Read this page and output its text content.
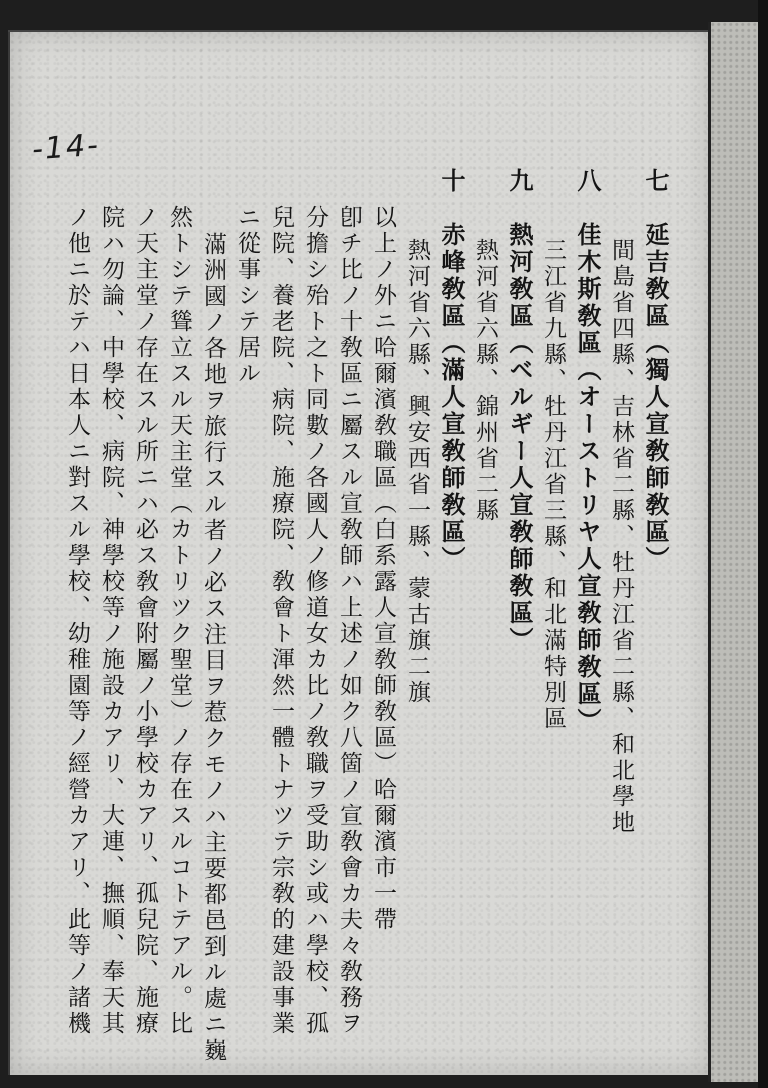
-14-
七　延吉敎區（獨人宣敎師敎區）
間島省四縣、吉林省二縣、牡丹江省二縣、和北學地
八　佳木斯敎區（オーストリヤ人宣敎師敎區）
三江省九縣、牡丹江省三縣、和北滿特別區
九　熱河敎區（ベルギー人宣敎師敎區）
熱河省六縣、錦州省二縣
十　赤峰敎區（滿人宣敎師敎區）
熱河省六縣、興安西省一縣、蒙古旗二旗
以上ノ外ニ哈爾濱敎職區（白系露人宣敎師敎區）哈爾濱市一帶
卽チ比ノ十敎區ニ屬スル宣敎師ハ上述ノ如ク八箇ノ宣敎會カ夫々敎務ヲ
分擔シ殆ト之ト同數ノ各國人ノ修道女カ比ノ敎職ヲ受助シ或ハ學校、孤
兒院、養老院、病院、施療院、敎會ト渾然一體トナツテ宗敎的建設事業
ニ從事シテ居ル
滿洲國ノ各地ヲ旅行スル者ノ必ス注目ヲ惹クモノハ主要都邑到ル處ニ巍
然トシテ聳立スル天主堂（カトリツク聖堂）ノ存在スルコトテアル。比
ノ天主堂ノ存在スル所ニハ必ス敎會附屬ノ小學校カアリ、孤兒院、施療
院ハ勿論、中學校、病院、神學校等ノ施設カアリ、大連、撫順、奉天其
ノ他ニ於テハ日本人ニ對スル學校、幼稚園等ノ經營カアリ、此等ノ諸機
